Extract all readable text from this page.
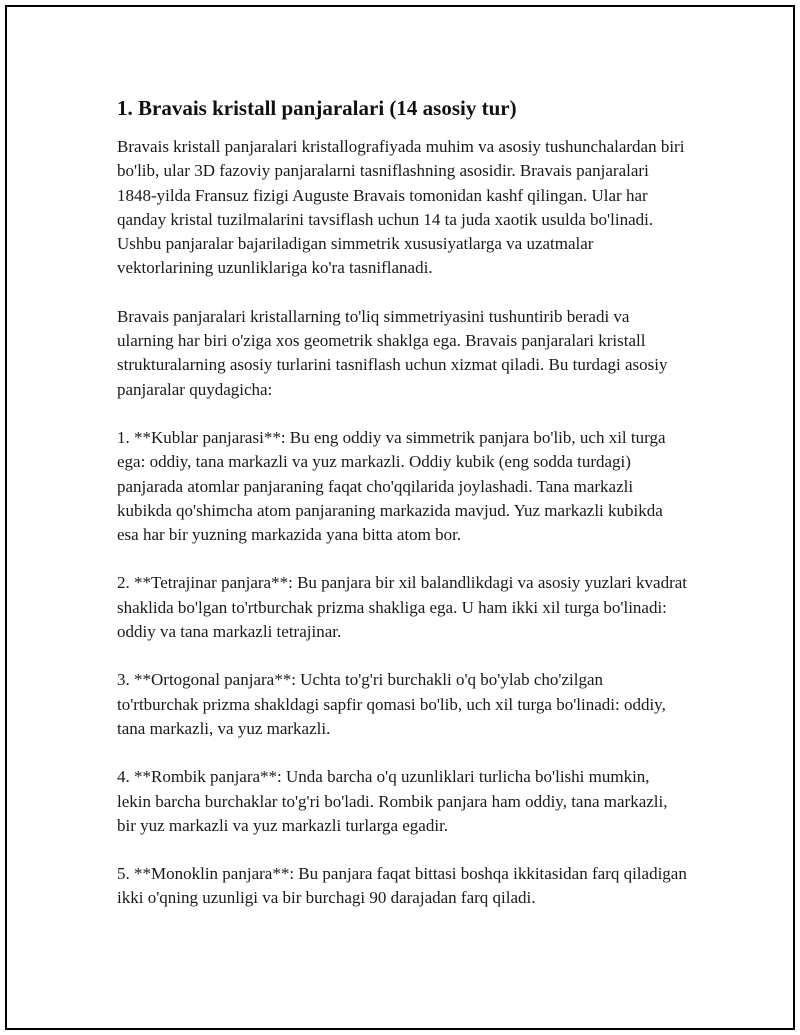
1. Bravais kristall panjaralari (14 asosiy tur)

Bravais kristall panjaralari kristallografiyada muhim va asosiy tushunchalardan biri bo'lib, ular 3D fazoviy panjaralarni tasniflashning asosidir. Bravais panjaralari 1848-yilda Fransuz fizigi Auguste Bravais tomonidan kashf qilingan. Ular har qanday kristal tuzilmalarini tavsiflash uchun 14 ta juda xaotik usulda bo'linadi. Ushbu panjaralar bajariladigan simmetrik xususiyatlarga va uzatmalar vektorlarining uzunliklariga ko'ra tasniflanadi.

Bravais panjaralari kristallarning to'liq simmetriyasini tushuntirib beradi va ularning har biri o'ziga xos geometrik shaklga ega. Bravais panjaralari kristall strukturalarning asosiy turlarini tasniflash uchun xizmat qiladi. Bu turdagi asosiy panjaralar quydagicha:

1. **Kublar panjarasi**: Bu eng oddiy va simmetrik panjara bo'lib, uch xil turga ega: oddiy, tana markazli va yuz markazli. Oddiy kubik (eng sodda turdagi) panjarada atomlar panjaraning faqat cho'qqilarida joylashadi. Tana markazli kubikda qo'shimcha atom panjaraning markazida mavjud. Yuz markazli kubikda esa har bir yuzning markazida yana bitta atom bor.

2. **Tetrajinar panjara**: Bu panjara bir xil balandlikdagi va asosiy yuzlari kvadrat shaklida bo'lgan to'rtburchak prizma shakliga ega. U ham ikki xil turga bo'linadi: oddiy va tana markazli tetrajinar.

3. **Ortogonal panjara**: Uchta to'g'ri burchakli o'q bo'ylab cho'zilgan to'rtburchak prizma shakldagi sapfir qomasi bo'lib, uch xil turga bo'linadi: oddiy, tana markazli, va yuz markazli.

4. **Rombik panjara**: Unda barcha o'q uzunliklari turlicha bo'lishi mumkin, lekin barcha burchaklar to'g'ri bo'ladi. Rombik panjara ham oddiy, tana markazli, bir yuz markazli va yuz markazli turlarga egadir.

5. **Monoklin panjara**: Bu panjara faqat bittasi boshqa ikkitasidan farq qiladigan ikki o'qning uzunligi va bir burchagi 90 darajadan farq qiladi.
